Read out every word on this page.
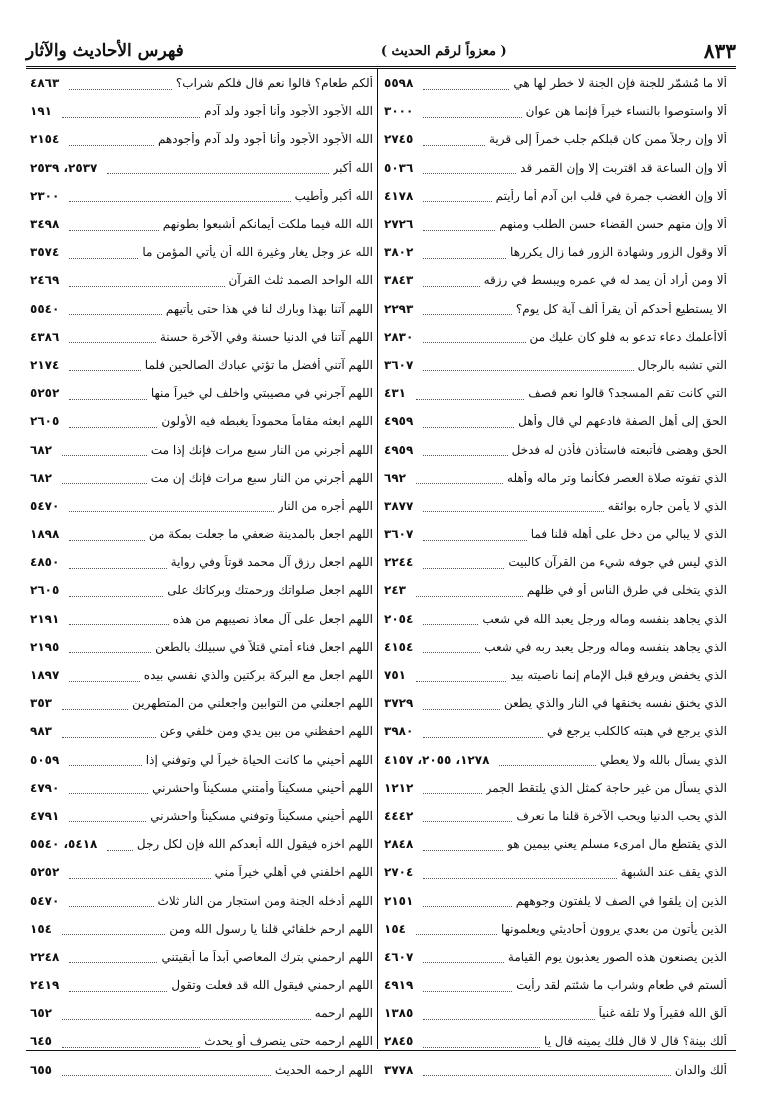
فهرس الأحاديث والآثار	( معزواً لرقم الحديث )	٨٣٣
٥٥٩٨	ألا ما مُشمّر للجنة فإن الجنة لا خطر لها هي
٣٠٠٠	ألا واستوصوا بالنساء خيراً فإنما هن عوان
٢٧٤٥	ألا وإن رجلاً ممن كان قبلكم جلب خمراً إلى قرية
٥٠٣٦	ألا وإن الساعة قد اقتربت إلا وإن القمر قد
٤١٧٨	ألا وإن الغضب جمرة في قلب ابن آدم أما رأيتم
٢٧٢٦	ألا وإن منهم حسن القضاء حسن الطلب ومنهم
٣٨٠٢	ألا وقول الزور وشهادة الزور فما زال يكررها
٣٨٤٣	ألا ومن أراد أن يمد له في عمره ويبسط في رزقه
٢٢٩٣	الا يستطيع أحدكم أن يقرأ ألف آية كل يوم؟
٢٨٣٠	ألاأعلمك دعاء تدعو به فلو كان عليك من
٣٦٠٧	التي تشبه بالرجال
٤٣١	التي كانت تقم المسجد؟ قالوا نعم فصف
٤٩٥٩	الحق إلى أهل الصفة فادعهم لي قال وأهل
٤٩٥٩	الحق وهضى فأتبعته فاستأذن فأذن له فدخل
٦٩٢	الذي تفوته صلاة العصر فكأنما وتر ماله وأهله
٣٨٧٧	الذي لا يأمن جاره بوائقه
٣٦٠٧	الذي لا يبالي من دخل على أهله قلنا فما
٢٢٤٤	الذي ليس في جوفه شيء من القرآن كالبيت
٢٤٣	الذي يتخلى في طرق الناس أو في ظلهم
٢٠٥٤	الذي يجاهد بنفسه وماله ورجل يعبد الله في شعب
٤١٥٤	الذي يجاهد بنفسه وماله ورجل يعبد ربه في شعب
٧٥١	الذي يخفض ويرفع قبل الإمام إنما ناصيته بيد
٣٧٢٩	الذي يخنق نفسه يخنقها في النار والذي يطعن
٣٩٨٠	الذي يرجع في هبته كالكلب يرجع في
١٢٧٨، ٢٠٥٥، ٤١٥٧	الذي يسأل بالله ولا يعطي
١٢١٢	الذي يسأل من غير حاجة كمثل الذي يلتقط الجمر
٤٤٤٢	الذي يحب الدنيا ويحب الآخرة قلنا ما نعرف
٢٨٤٨	الذي يقتطع مال امرىء مسلم يعني بيمين هو
٢٧٠٤	الذي يقف عند الشبهة
٢١٥١	الذين إن يلقوا في الصف لا يلفتون وجوههم
١٥٤	الذين يأتون من بعدي يروون أحاديثي ويعلمونها
٤٦٠٧	الذين يصنعون هذه الصور يعذبون يوم القيامة
٤٩١٩	ألستم في طعام وشراب ما شئتم لقد رأيت
١٣٨٥	ألق الله فقيراً ولا تلقه غنياً
٢٨٤٥	ألك بينة؟ قال لا قال فلك يمينه قال يا
٣٧٧٨	ألك والدان
٤٨٦٣	ألكم طعام؟ قالوا نعم قال فلكم شراب؟
١٩١	الله الأجود الأجود وأنا أجود ولد آدم
٢١٥٤	الله الأجود الأجود وأنا أجود ولد آدم وأجودهم
٢٥٣٧، ٢٥٣٩	الله أكبر
٢٣٠٠	الله أكبر وأطيب
٣٤٩٨	الله الله فيما ملكت أيمانكم أشبعوا بطونهم
٣٥٧٤	الله عز وجل يغار وغيرة الله أن يأتي المؤمن ما
٢٤٦٩	الله الواحد الصمد ثلث القرآن
٥٥٤٠	اللهم آتنا بهذا وبارك لنا في هذا حتى يأتيهم
٤٣٨٦	اللهم آتنا في الدنيا حسنة وفي الآخرة حسنة
٢١٧٤	اللهم آتني أفضل ما تؤتي عبادك الصالحين فلما
٥٢٥٢	اللهم آجرني في مصيبتي واخلف لي خيراً منها
٢٦٠٥	اللهم ابعثه مقاماً محموداً يغبطه فيه الأولون
٦٨٢	اللهم أجرني من النار سبع مرات فإنك إذا مت
٦٨٢	اللهم أجرني من النار سبع مرات فإنك إن مت
٥٤٧٠	اللهم أجره من النار
١٨٩٨	اللهم اجعل بالمدينة ضعفي ما جعلت بمكة من
٤٨٥٠	اللهم اجعل رزق آل محمد قوتاً وفي رواية
٢٦٠٥	اللهم اجعل صلواتك ورحمتك وبركاتك على
٢١٩١	اللهم اجعل على آل معاذ نصيبهم من هذه
٢١٩٥	اللهم اجعل فناء أمتي قتلاً في سبيلك بالطعن
١٨٩٧	اللهم اجعل مع البركة بركتين والذي نفسي بيده
٣٥٣	اللهم اجعلني من التوابين واجعلني من المتطهرين
٩٨٣	اللهم احفظني من بين يدي ومن خلفي وعن
٥٠٥٩	اللهم أحيني ما كانت الحياة خيراً لي وتوفني إذا
٤٧٩٠	اللهم أحيني مسكيناً وأمتني مسكيناً واحشرني
٤٧٩١	اللهم أحيني مسكيناً وتوفني مسكيناً واحشرني
٥٤١٨، ٥٥٤٠	اللهم اخزه فيقول الله أبعدكم الله فإن لكل رجل
٥٢٥٢	اللهم اخلفني في أهلي خيراً مني
٥٤٧٠	اللهم أدخله الجنة ومن استجار من النار ثلاث
١٥٤	اللهم ارحم خلفائي قلنا يا رسول الله ومن
٢٢٤٨	اللهم ارحمني بترك المعاصي أبداً ما أبقيتني
٢٤١٩	اللهم ارحمني فيقول الله قد فعلت وتقول
٦٥٢	اللهم ارحمه
٦٤٥	اللهم ارحمه حتى ينصرف أو يحدث
٦٥٥	اللهم ارحمه الحديث
